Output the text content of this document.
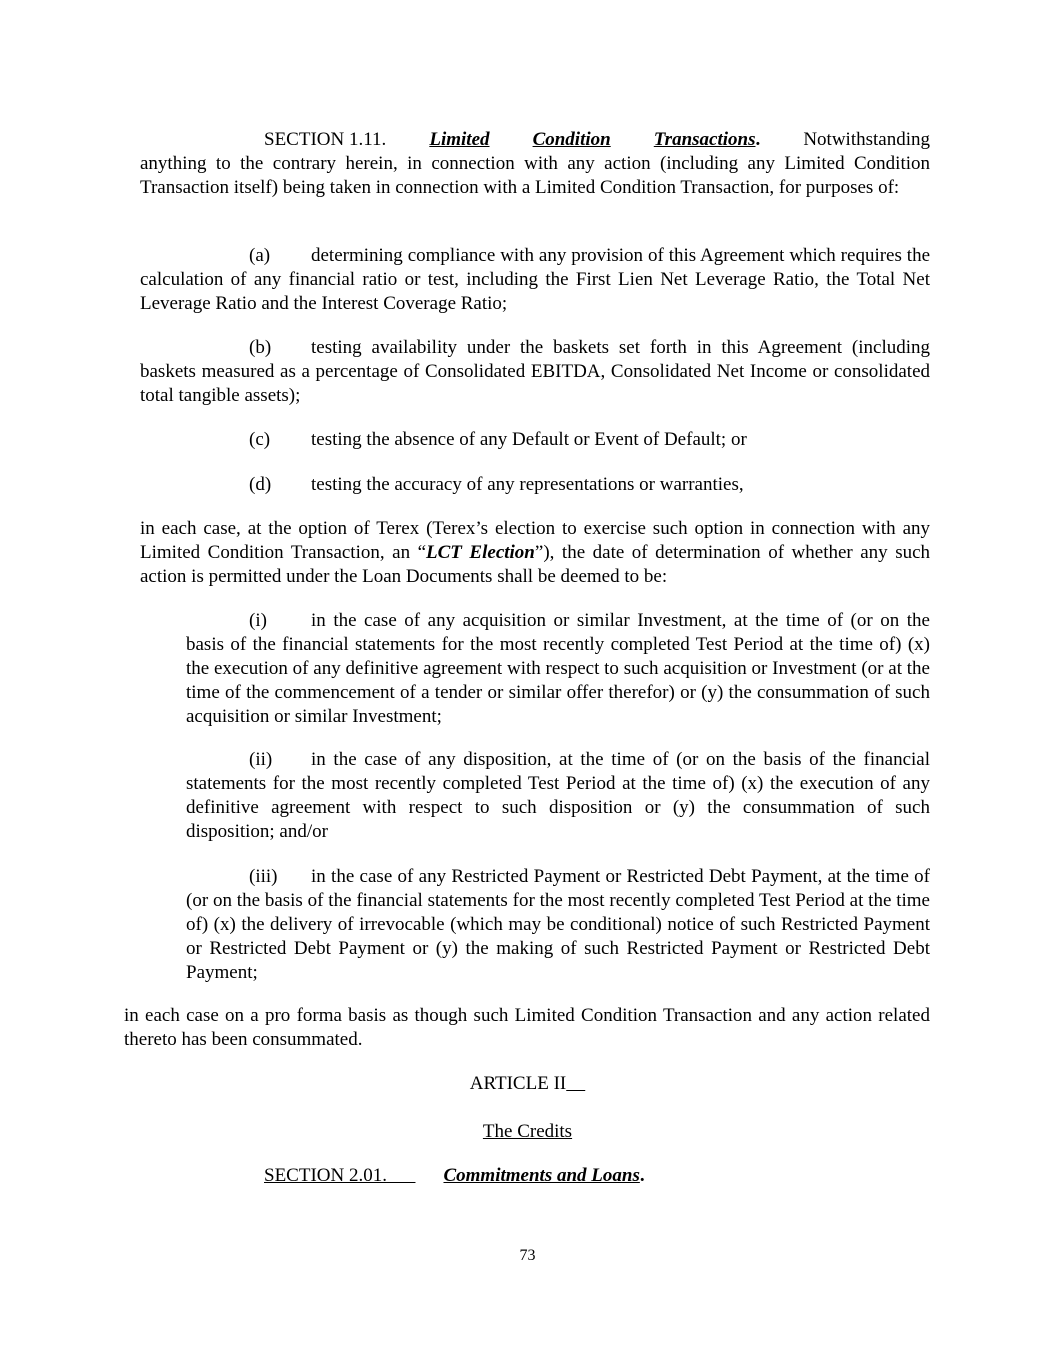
SECTION 1.11. Limited Condition Transactions. Notwithstanding

anything to the contrary herein, in connection with any action (including any Limited Condition Transaction itself) being taken in connection with a Limited Condition Transaction, for purposes of:

(a) determining compliance with any provision of this Agreement which requires the calculation of any financial ratio or test, including the First Lien Net Leverage Ratio, the Total Net Leverage Ratio and the Interest Coverage Ratio;

(b) testing availability under the baskets set forth in this Agreement (including baskets measured as a percentage of Consolidated EBITDA, Consolidated Net Income or consolidated total tangible assets);

(c) testing the absence of any Default or Event of Default; or

(d) testing the accuracy of any representations or warranties,

in each case, at the option of Terex (Terex’s election to exercise such option in connection with any Limited Condition Transaction, an “LCT Election”), the date of determination of whether any such action is permitted under the Loan Documents shall be deemed to be:

(i) in the case of any acquisition or similar Investment, at the time of (or on the basis of the financial statements for the most recently completed Test Period at the time of) (x) the execution of any definitive agreement with respect to such acquisition or Investment (or at the time of the commencement of a tender or similar offer therefor) or (y) the consummation of such acquisition or similar Investment;

(ii) in the case of any disposition, at the time of (or on the basis of the financial statements for the most recently completed Test Period at the time of) (x) the execution of any definitive agreement with respect to such disposition or (y) the consummation of such disposition; and/or

(iii) in the case of any Restricted Payment or Restricted Debt Payment, at the time of (or on the basis of the financial statements for the most recently completed Test Period at the time of) (x) the delivery of irrevocable (which may be conditional) notice of such Restricted Payment or Restricted Debt Payment or (y) the making of such Restricted Payment or Restricted Debt Payment;

in each case on a pro forma basis as though such Limited Condition Transaction and any action related thereto has been consummated.

ARTICLE II

The Credits

SECTION 2.01.	Commitments and Loans.

73
